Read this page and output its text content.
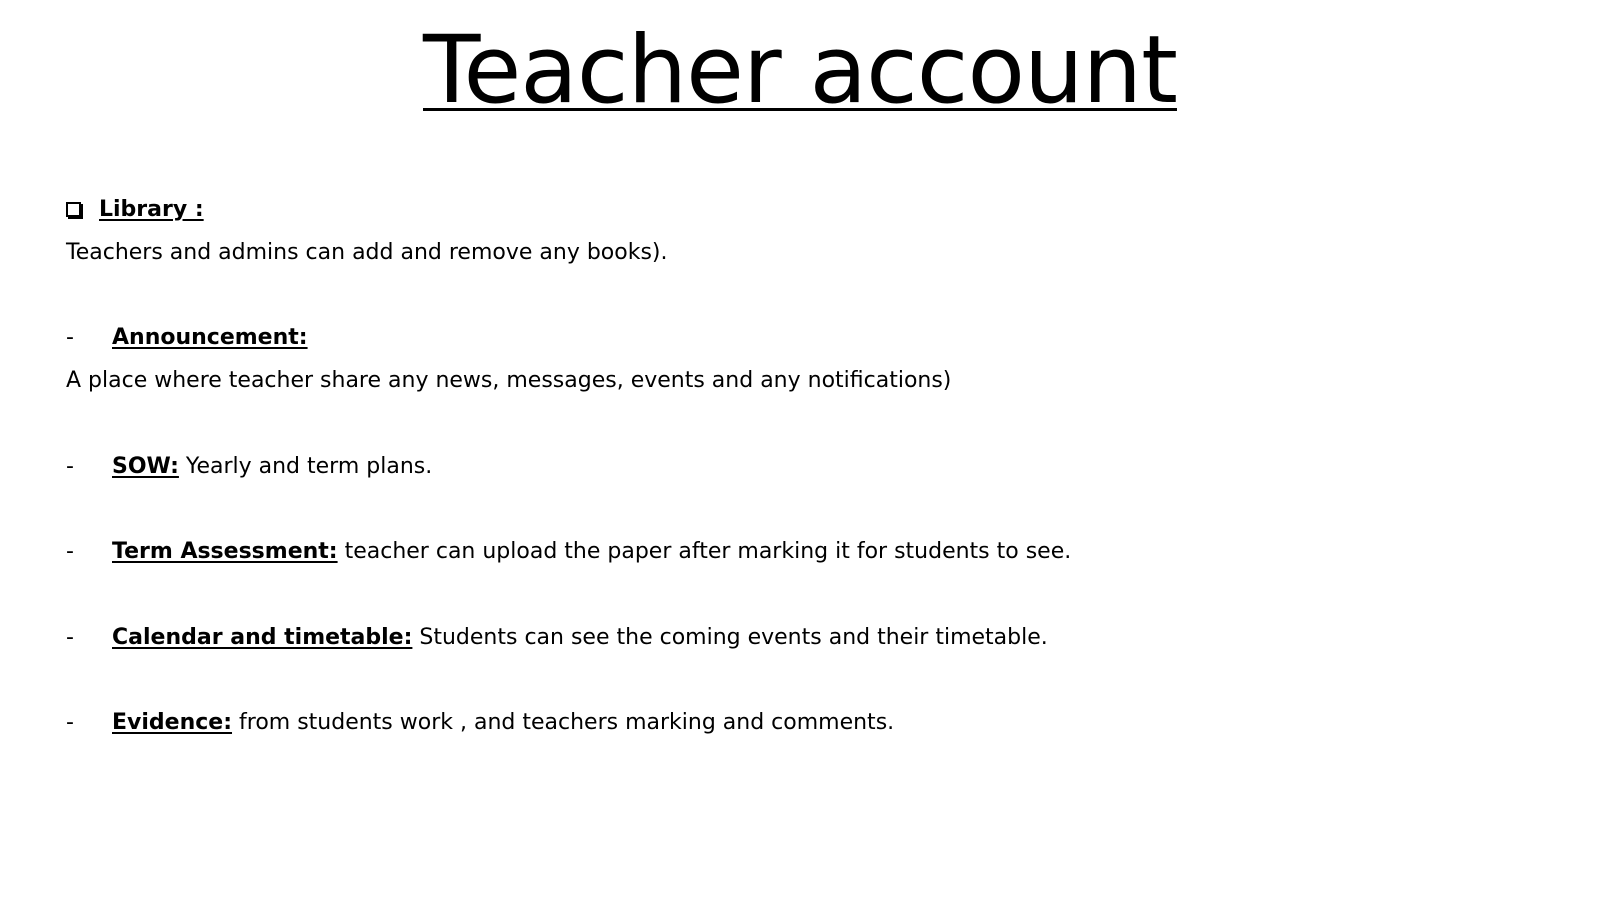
Teacher account
Library :
Teachers and admins can add and remove any books).
- Announcement:
A place where teacher share any news, messages, events and any notifications)
- SOW: Yearly and term plans.
- Term Assessment: teacher can upload the paper after marking it for students to see.
- Calendar and timetable: Students can see the coming events and their timetable.
- Evidence: from students work , and teachers marking and comments.
